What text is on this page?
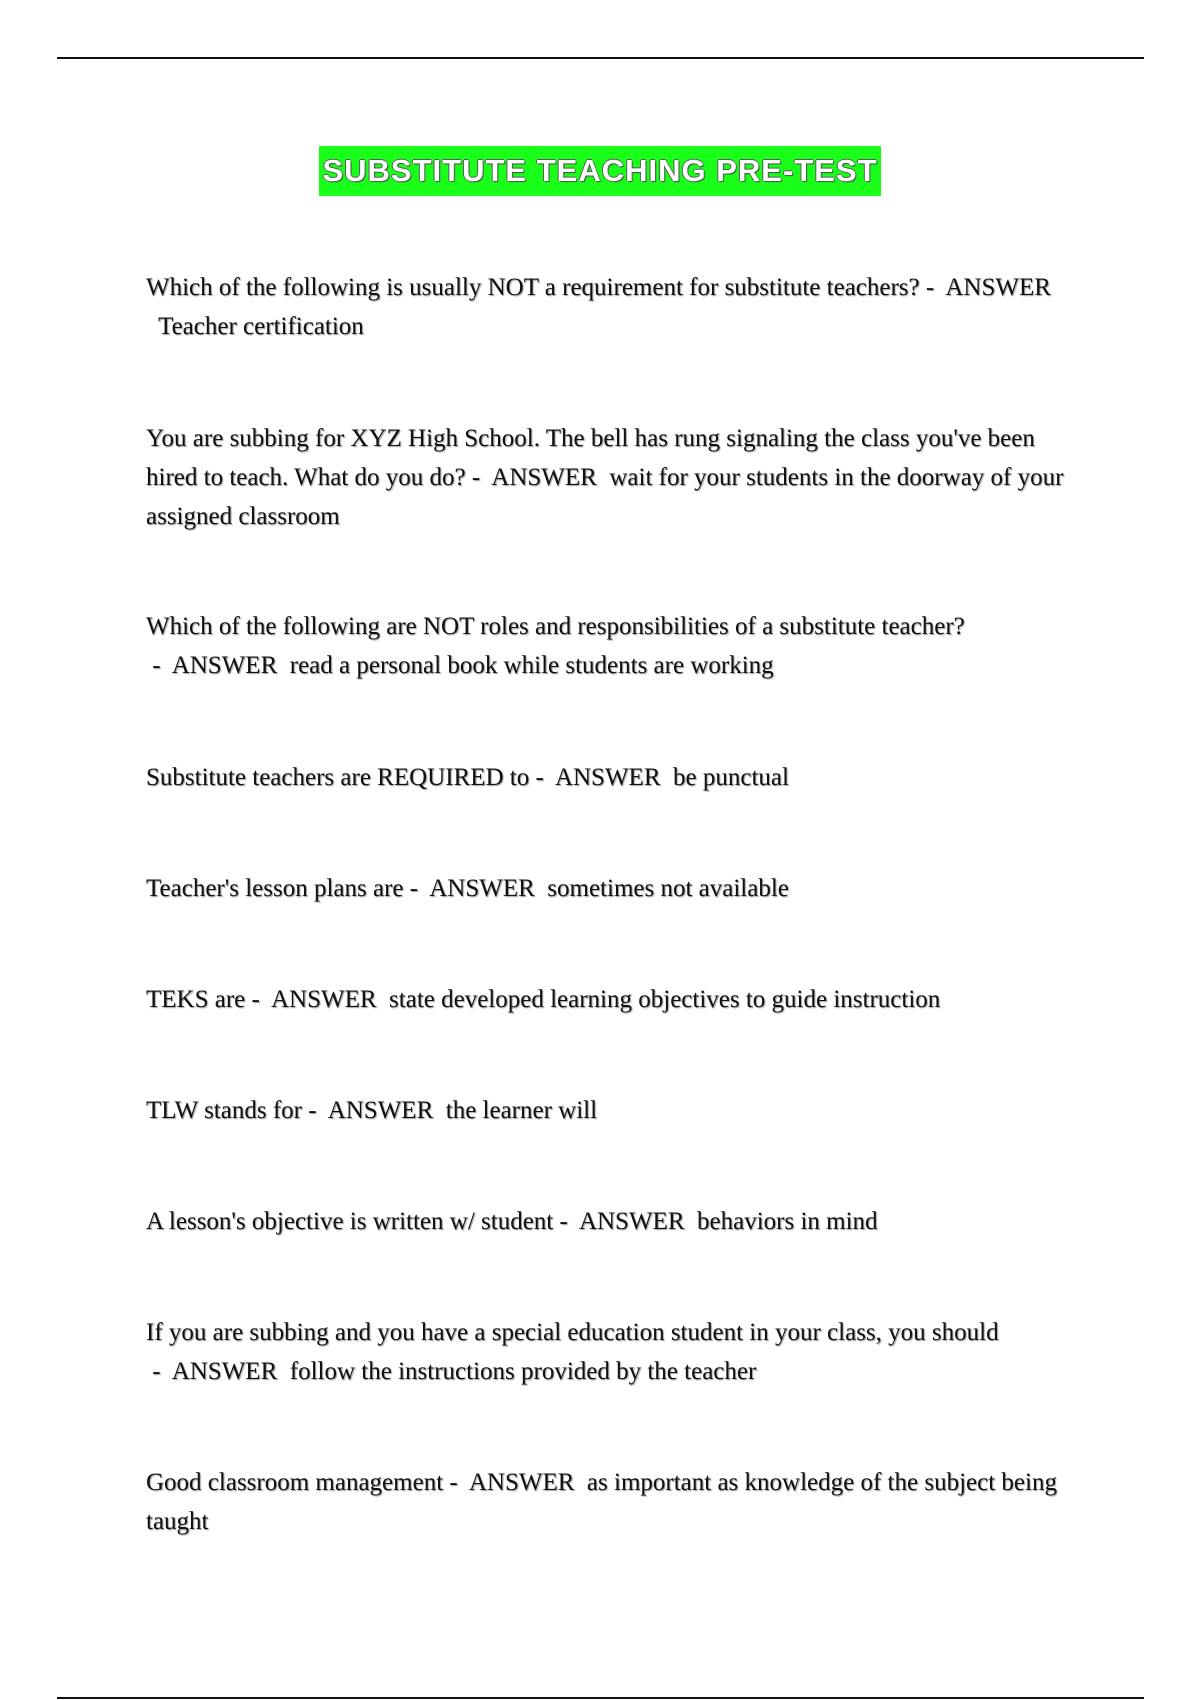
SUBSTITUTE TEACHING PRE-TEST
Which of the following is usually NOT a requirement for substitute teachers? -  ANSWER  Teacher certification
You are subbing for XYZ High School. The bell has rung signaling the class you've been hired to teach. What do you do? -  ANSWER wait for your students in the doorway of your assigned classroom
Which of the following are NOT roles and responsibilities of a substitute teacher? -  ANSWER read a personal book while students are working
Substitute teachers are REQUIRED to -  ANSWER be punctual
Teacher's lesson plans are -  ANSWER sometimes not available
TEKS are -  ANSWER state developed learning objectives to guide instruction
TLW stands for -  ANSWER the learner will
A lesson's objective is written w/ student -  ANSWER behaviors in mind
If you are subbing and you have a special education student in your class, you should -  ANSWER follow the instructions provided by the teacher
Good classroom management -  ANSWER as important as knowledge of the subject being taught
